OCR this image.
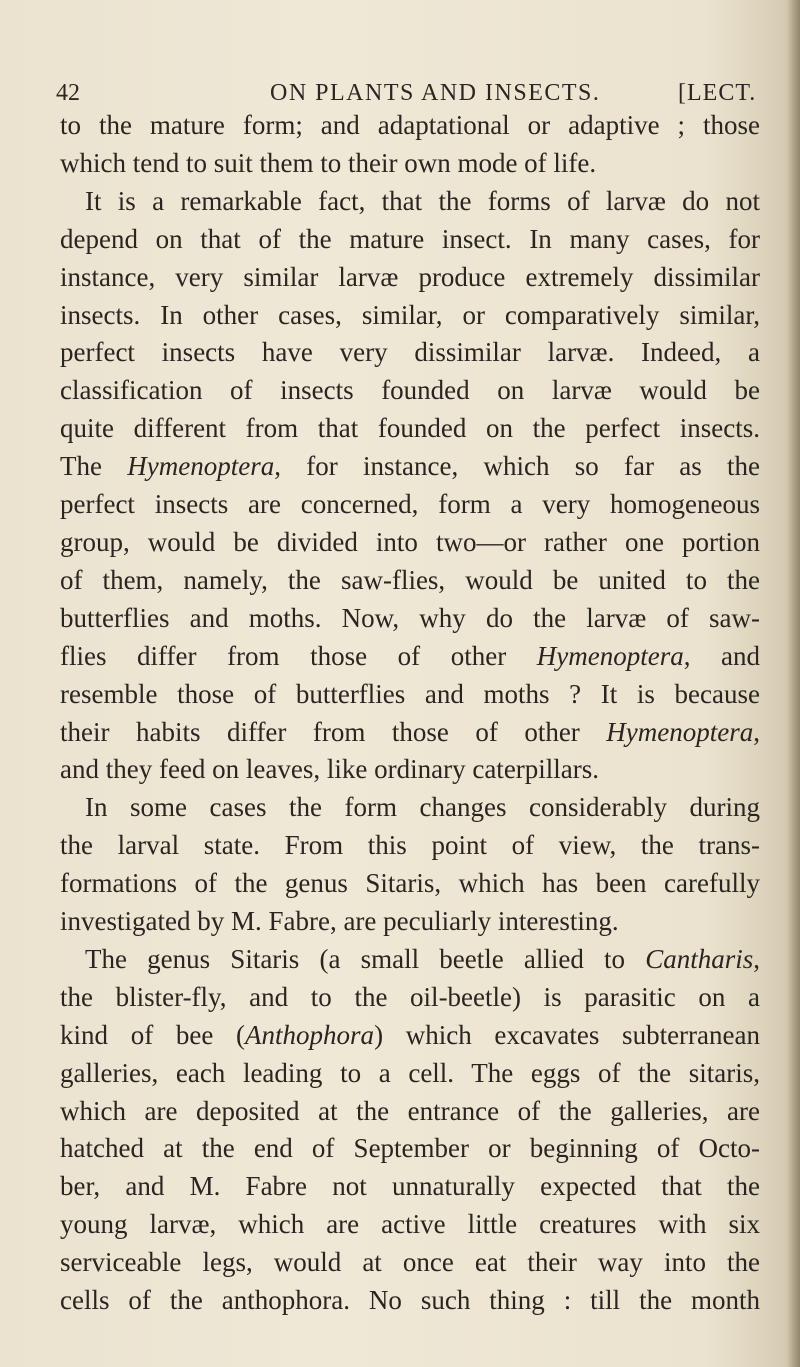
42	ON PLANTS AND INSECTS.	[LECT.
to the mature form; and adaptational or adaptive ; those
which tend to suit them to their own mode of life.
It is a remarkable fact, that the forms of larvæ do not
depend on that of the mature insect. In many cases, for
instance, very similar larvæ produce extremely dissimilar
insects. In other cases, similar, or comparatively similar,
perfect insects have very dissimilar larvæ. Indeed, a
classification of insects founded on larvæ would be
quite different from that founded on the perfect insects.
The Hymenoptera, for instance, which so far as the
perfect insects are concerned, form a very homogeneous
group, would be divided into two—or rather one portion
of them, namely, the saw-flies, would be united to the
butterflies and moths. Now, why do the larvæ of saw-
flies differ from those of other Hymenoptera, and
resemble those of butterflies and moths ? It is because
their habits differ from those of other Hymenoptera,
and they feed on leaves, like ordinary caterpillars.
In some cases the form changes considerably during
the larval state. From this point of view, the trans-
formations of the genus Sitaris, which has been carefully
investigated by M. Fabre, are peculiarly interesting.
The genus Sitaris (a small beetle allied to Cantharis,
the blister-fly, and to the oil-beetle) is parasitic on a
kind of bee (Anthophora) which excavates subterranean
galleries, each leading to a cell. The eggs of the sitaris,
which are deposited at the entrance of the galleries, are
hatched at the end of September or beginning of Octo-
ber, and M. Fabre not unnaturally expected that the
young larvæ, which are active little creatures with six
serviceable legs, would at once eat their way into the
cells of the anthophora. No such thing : till the month
